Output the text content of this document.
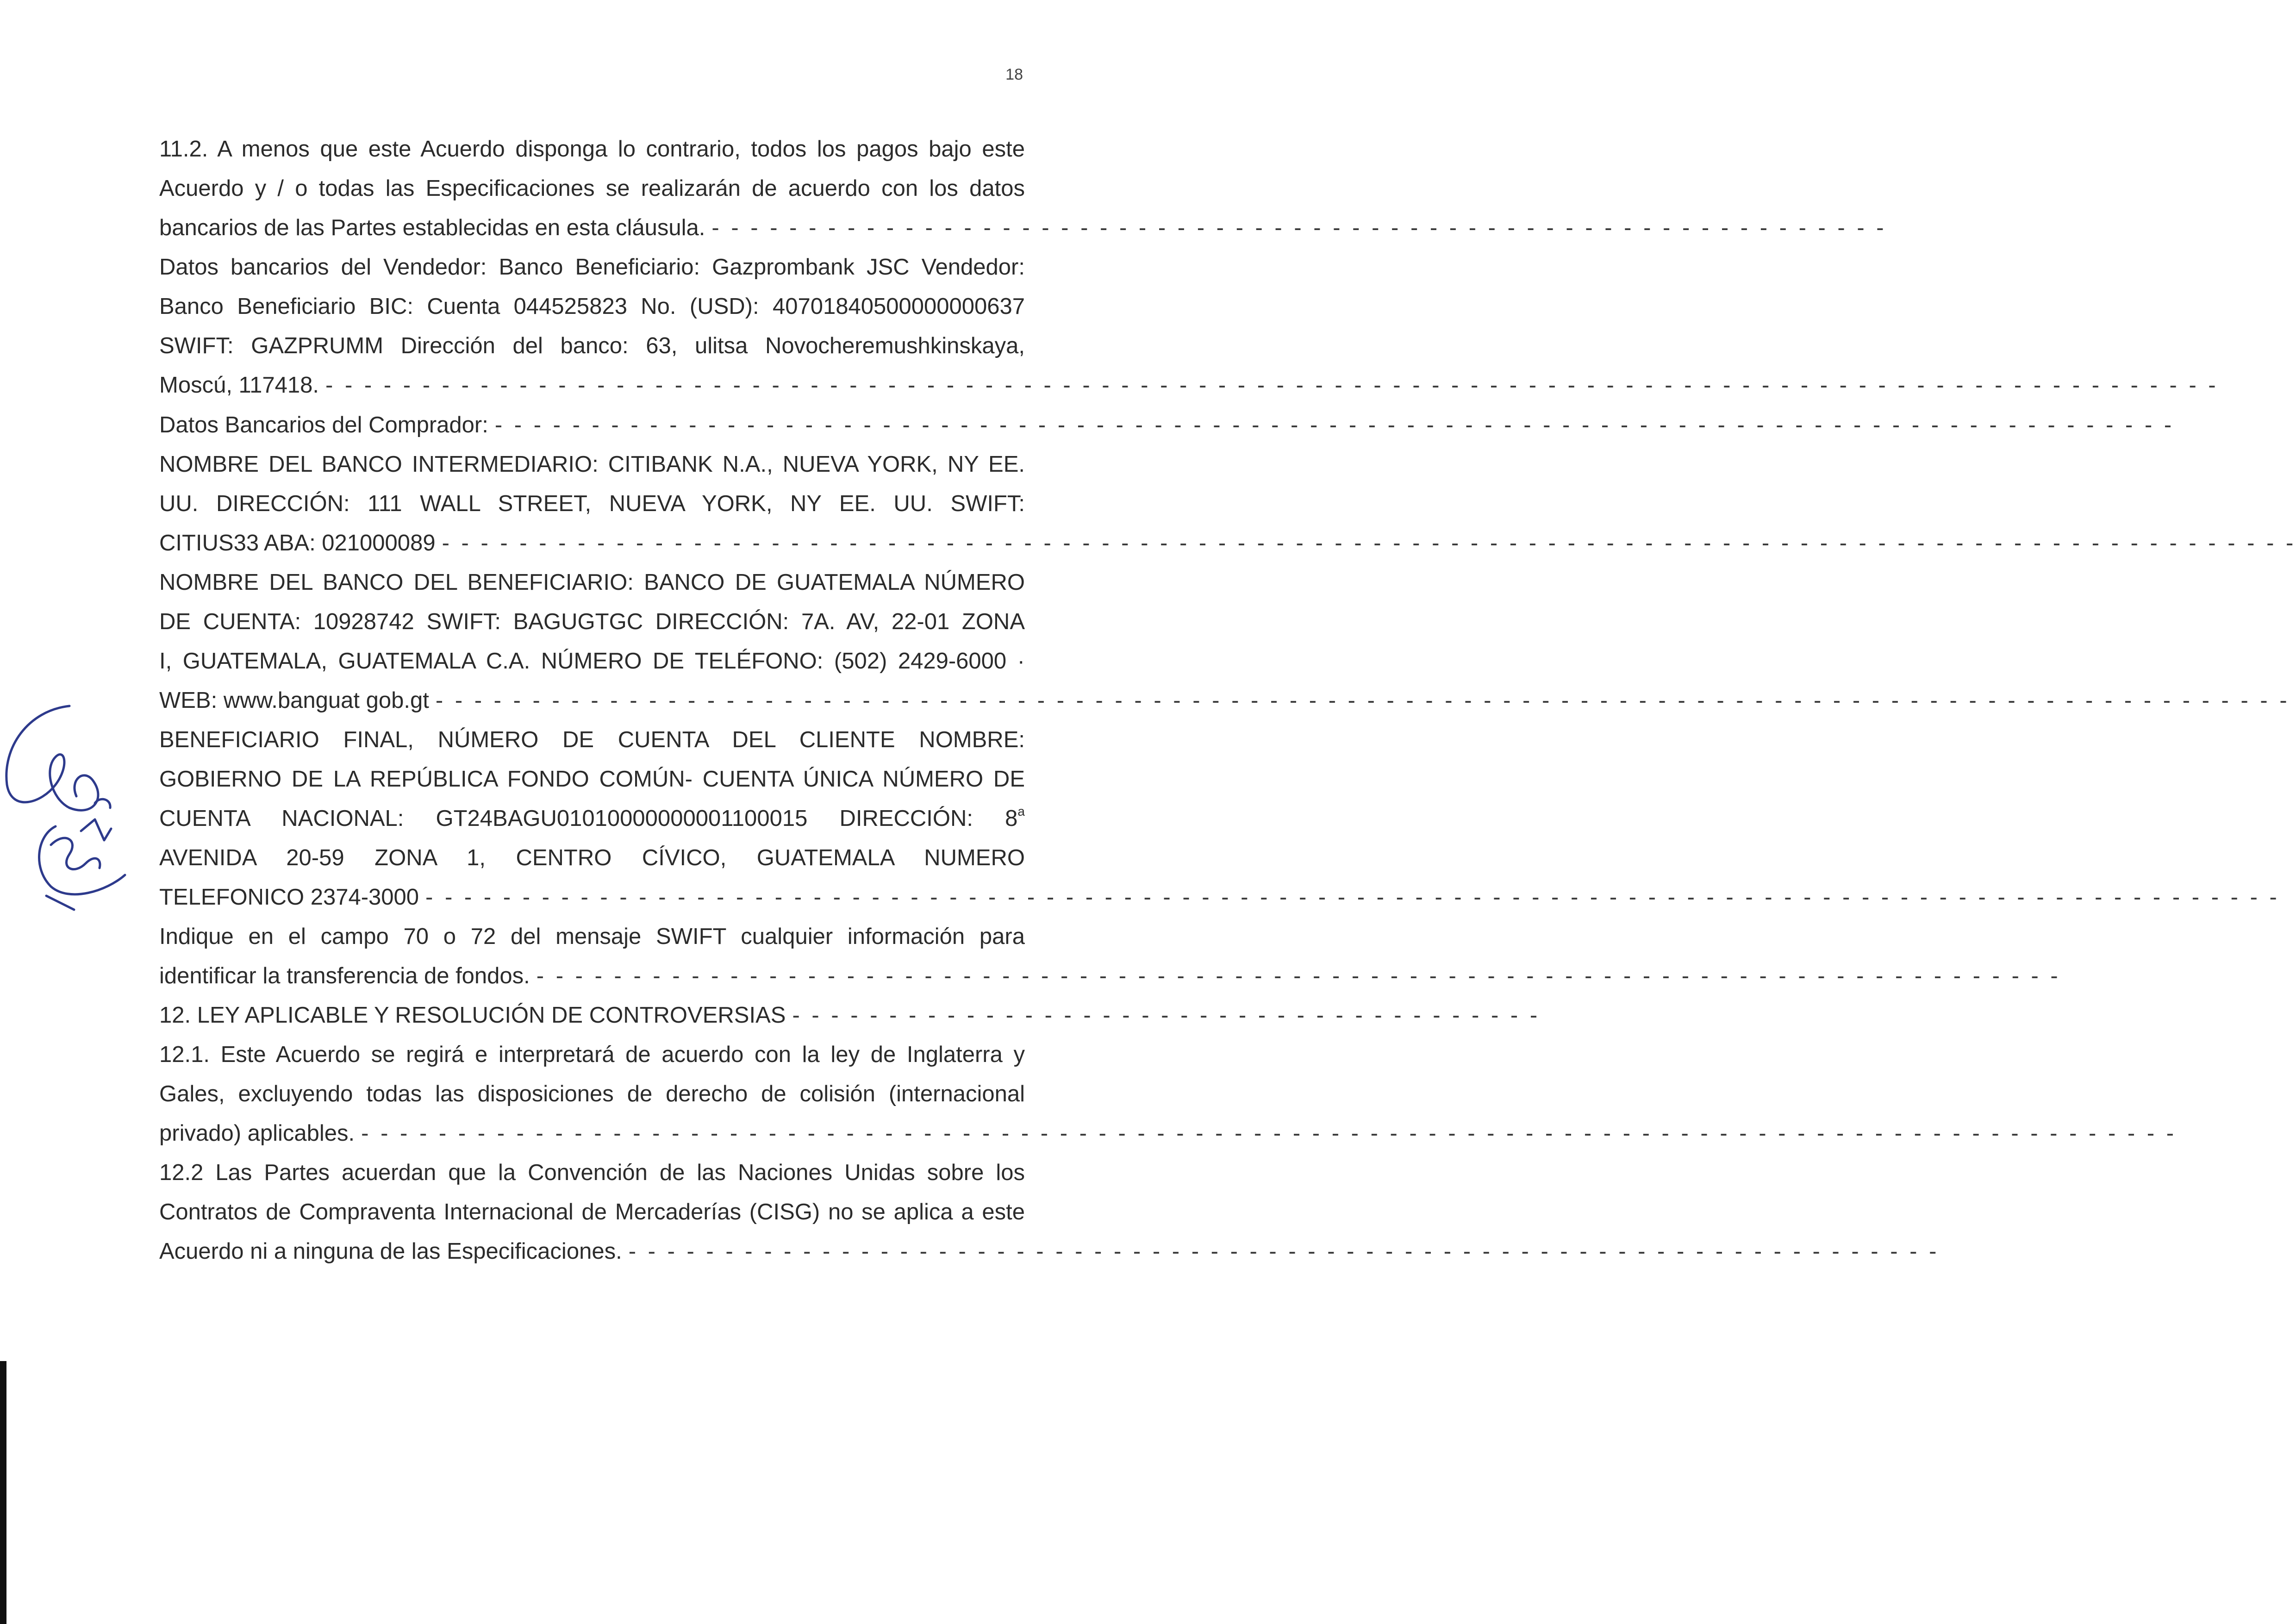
18
11.2. A menos que este Acuerdo disponga lo contrario, todos los pagos bajo este
Acuerdo y / o todas las Especificaciones se realizarán de acuerdo con los datos
bancarios de las Partes establecidas en esta cláusula. - - - - - - - - - - - - - - - - - - - - - - - - - - - - - - - - - - - - - - - - - - - - - - - - - - - - - - - - - - - - -
Datos bancarios del Vendedor: Banco Beneficiario: Gazprombank JSC Vendedor:
Banco Beneficiario BIC: Cuenta 044525823 No. (USD): 40701840500000000637
SWIFT: GAZPRUMM Dirección del banco: 63, ulitsa Novocheremushkinskaya,
Moscú, 117418. - - - - - - - - - - - - - - - - - - - - - - - - - - - - - - - - - - - - - - - - - - - - - - - - - - - - - - - - - - - - - - - - - - - - - - - - - - - - - - - - - - - - - - - - - - - - - - - - - -
Datos Bancarios del Comprador: - - - - - - - - - - - - - - - - - - - - - - - - - - - - - - - - - - - - - - - - - - - - - - - - - - - - - - - - - - - - - - - - - - - - - - - - - - - - - - - - - - - - - - -
NOMBRE DEL BANCO INTERMEDIARIO: CITIBANK N.A., NUEVA YORK, NY EE.
UU. DIRECCIÓN: 111 WALL STREET, NUEVA YORK, NY EE. UU. SWIFT:
CITIUS33 ABA: 021000089 - - - - - - - - - - - - - - - - - - - - - - - - - - - - - - - - - - - - - - - - - - - - - - - - - - - - - - - - - - - - - - - - - - - - - - - - - - - - - - - - - - - - - - - - - - - - - - - -
NOMBRE DEL BANCO DEL BENEFICIARIO: BANCO DE GUATEMALA NÚMERO
DE CUENTA: 10928742 SWIFT: BAGUGTGC DIRECCIÓN: 7A. AV, 22-01 ZONA
I, GUATEMALA, GUATEMALA C.A. NÚMERO DE TELÉFONO: (502) 2429-6000 ·
WEB: www.banguat gob.gt - - - - - - - - - - - - - - - - - - - - - - - - - - - - - - - - - - - - - - - - - - - - - - - - - - - - - - - - - - - - - - - - - - - - - - - - - - - - - - - - - - - - - - - - - - - - - - - -
BENEFICIARIO FINAL, NÚMERO DE CUENTA DEL CLIENTE NOMBRE:
GOBIERNO DE LA REPÚBLICA FONDO COMÚN- CUENTA ÚNICA NÚMERO DE
CUENTA NACIONAL: GT24BAGU01010000000001100015 DIRECCIÓN: 8$^a$
AVENIDA 20-59 ZONA 1, CENTRO CÍVICO, GUATEMALA NUMERO
TELEFONICO 2374-3000 - - - - - - - - - - - - - - - - - - - - - - - - - - - - - - - - - - - - - - - - - - - - - - - - - - - - - - - - - - - - - - - - - - - - - - - - - - - - - - - - - - - - - - - - - - - - - - - -
Indique en el campo 70 o 72 del mensaje SWIFT cualquier información para
identificar la transferencia de fondos. - - - - - - - - - - - - - - - - - - - - - - - - - - - - - - - - - - - - - - - - - - - - - - - - - - - - - - - - - - - - - - - - - - - - - - - - - - - - - - -
12. LEY APLICABLE Y RESOLUCIÓN DE CONTROVERSIAS - - - - - - - - - - - - - - - - - - - - - - - - - - - - - - - - - - - - - - -
12.1. Este Acuerdo se regirá e interpretará de acuerdo con la ley de Inglaterra y
Gales, excluyendo todas las disposiciones de derecho de colisión (internacional
privado) aplicables. - - - - - - - - - - - - - - - - - - - - - - - - - - - - - - - - - - - - - - - - - - - - - - - - - - - - - - - - - - - - - - - - - - - - - - - - - - - - - - - - - - - - - - - - - - - - - -
12.2 Las Partes acuerdan que la Convención de las Naciones Unidas sobre los
Contratos de Compraventa Internacional de Mercaderías (CISG) no se aplica a este
Acuerdo ni a ninguna de las Especificaciones. - - - - - - - - - - - - - - - - - - - - - - - - - - - - - - - - - - - - - - - - - - - - - - - - - - - - - - - - - - - - - - - - - - - -
